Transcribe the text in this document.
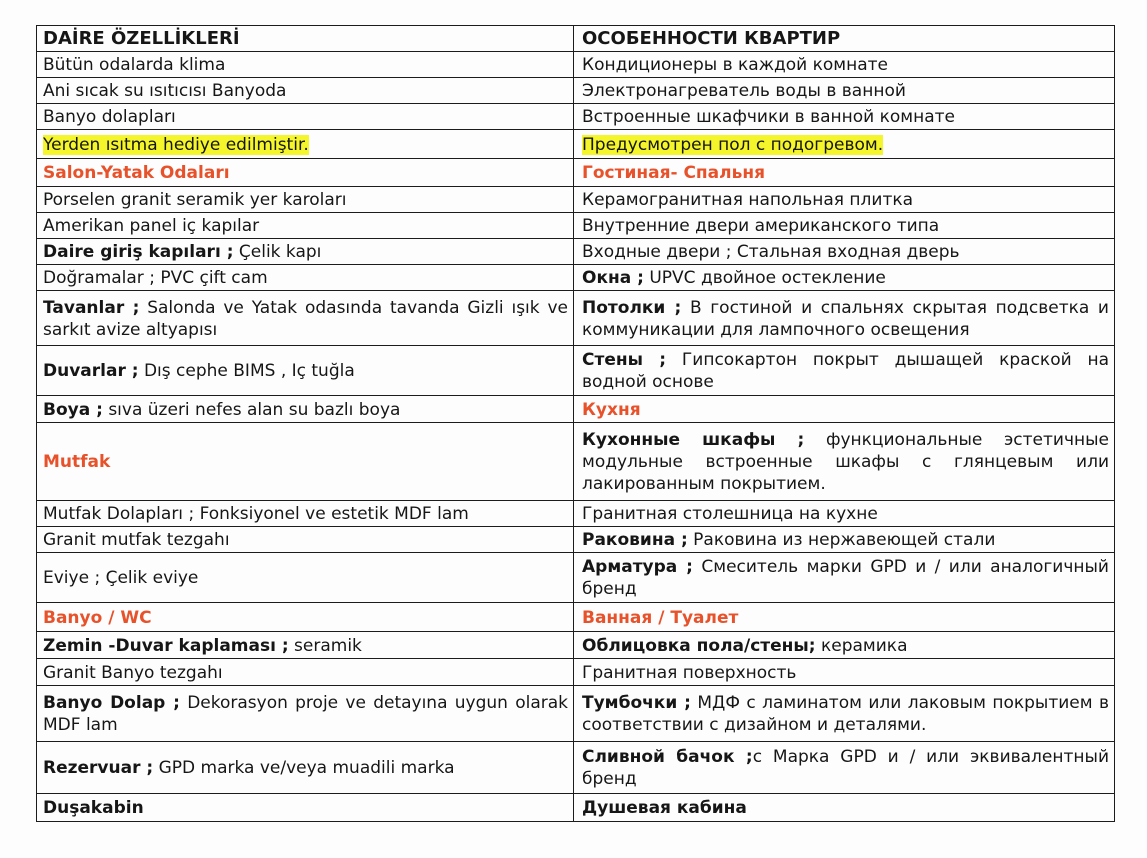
DAİRE ÖZELLİKLERİ	ОСОБЕННОСТИ КВАРТИР
Bütün odalarda klima	Кондиционеры в каждой комнате
Ani sıcak su ısıtıcısı Banyoda	Электронагреватель воды в ванной
Banyo dolapları	Встроенные шкафчики в ванной комнате
Yerden ısıtma hediye edilmiştir.	Предусмотрен пол с подогревом.
Salon-Yatak Odaları	Гостиная- Спальня
Porselen granit seramik yer karoları	Керамогранитная напольная плитка
Amerikan panel iç kapılar	Внутренние двери американского типа
Daire giriş kapıları ; Çelik kapı	Входные двери ; Стальная входная дверь
Doğramalar ; PVC çift cam	Окна ; UPVC двойное остекление
Tavanlar ; Salonda ve Yatak odasında tavanda Gizli ışık ve sarkıt avize altyapısı	Потолки ; В гостиной и спальнях скрытая подсветка и коммуникации для лампочного освещения
Duvarlar ; Dış cephe BIMS , Iç tuğla	Стены ; Гипсокартон покрыт дышащей краской на водной основе
Boya ; sıva üzeri nefes alan su bazlı boya	Кухня
Mutfak	Кухонные шкафы ; функциональные эстетичные модульные встроенные шкафы с глянцевым или лакированным покрытием.
Mutfak Dolapları ; Fonksiyonel ve estetik MDF lam	Гранитная столешница на кухне
Granit mutfak tezgahı	Раковина ; Раковина из нержавеющей стали
Eviye ; Çelik eviye	Арматура ; Смеситель марки GPD и / или аналогичный бренд
Banyo / WC	Ванная / Туалет
Zemin -Duvar kaplaması ; seramik	Облицовка пола/стены; керамика
Granit Banyo tezgahı	Гранитная поверхность
Banyo Dolap ; Dekorasyon proje ve detayına uygun olarak MDF lam	Тумбочки ; МДФ с ламинатом или лаковым покрытием в соответствии с дизайном и деталями.
Rezervuar ; GPD marka ve/veya muadili marka	Сливной бачок ;с Марка GPD и / или эквивалентный бренд
Duşakabin	Душевая кабина
